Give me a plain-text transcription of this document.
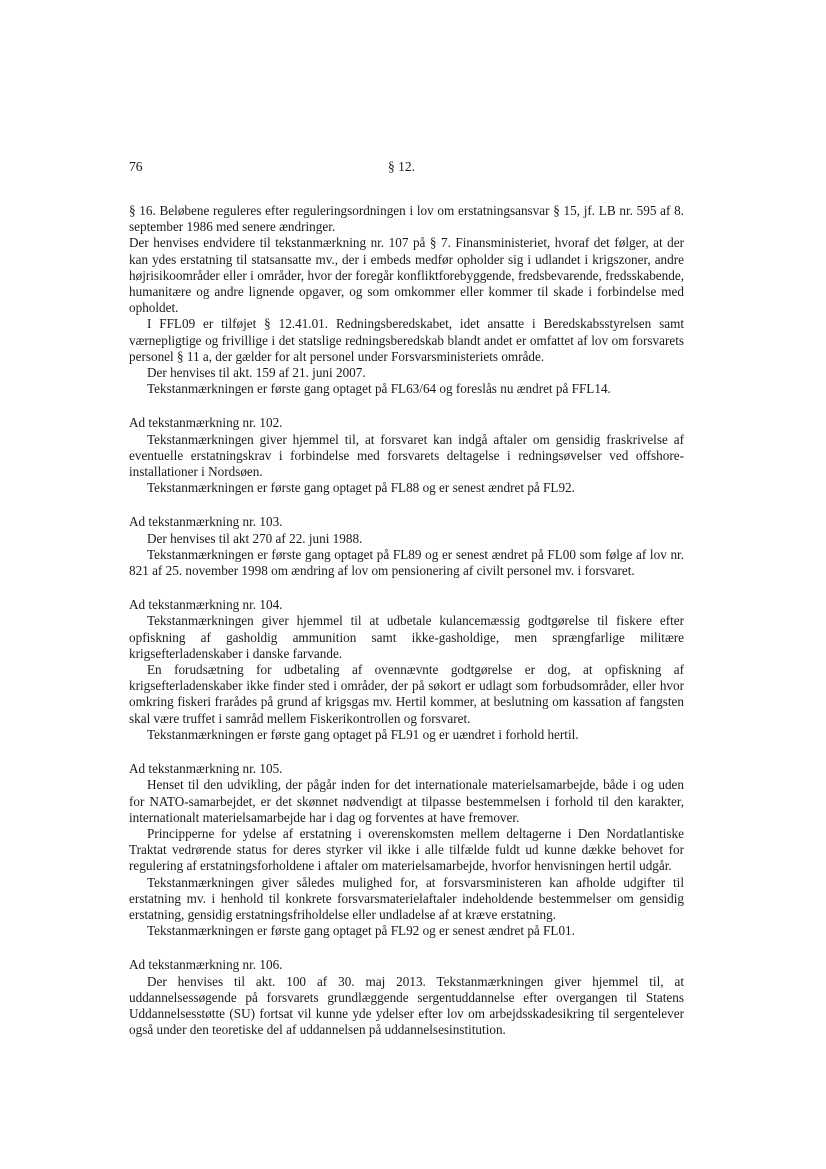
76	§ 12.

§ 16. Beløbene reguleres efter reguleringsordningen i lov om erstatningsansvar § 15, jf. LB nr. 595 af 8. september 1986 med senere ændringer.

Der henvises endvidere til tekstanmærkning nr. 107 på § 7. Finansministeriet, hvoraf det følger, at der kan ydes erstatning til statsansatte mv., der i embeds medfør opholder sig i udlandet i krigszoner, andre højrisikoområder eller i områder, hvor der foregår konfliktforebyggende, fredsbevarende, fredsskabende, humanitære og andre lignende opgaver, og som omkommer eller kommer til skade i forbindelse med opholdet.

I FFL09 er tilføjet § 12.41.01. Redningsberedskabet, idet ansatte i Beredskabsstyrelsen samt værnepligtige og frivillige i det statslige redningsberedskab blandt andet er omfattet af lov om forsvarets personel § 11 a, der gælder for alt personel under Forsvarsministeriets område.

Der henvises til akt. 159 af 21. juni 2007.

Tekstanmærkningen er første gang optaget på FL63/64 og foreslås nu ændret på FFL14.

Ad tekstanmærkning nr. 102.

Tekstanmærkningen giver hjemmel til, at forsvaret kan indgå aftaler om gensidig fraskrivelse af eventuelle erstatningskrav i forbindelse med forsvarets deltagelse i redningsøvelser ved offshore-installationer i Nordsøen.

Tekstanmærkningen er første gang optaget på FL88 og er senest ændret på FL92.

Ad tekstanmærkning nr. 103.

Der henvises til akt 270 af 22. juni 1988.

Tekstanmærkningen er første gang optaget på FL89 og er senest ændret på FL00 som følge af lov nr. 821 af 25. november 1998 om ændring af lov om pensionering af civilt personel mv. i forsvaret.

Ad tekstanmærkning nr. 104.

Tekstanmærkningen giver hjemmel til at udbetale kulancemæssig godtgørelse til fiskere efter opfiskning af gasholdig ammunition samt ikke-gasholdige, men sprængfarlige militære krigsefterladenskaber i danske farvande.

En forudsætning for udbetaling af ovennævnte godtgørelse er dog, at opfiskning af krigsefterladenskaber ikke finder sted i områder, der på søkort er udlagt som forbudsområder, eller hvor omkring fiskeri frarådes på grund af krigsgas mv. Hertil kommer, at beslutning om kassation af fangsten skal være truffet i samråd mellem Fiskerikontrollen og forsvaret.

Tekstanmærkningen er første gang optaget på FL91 og er uændret i forhold hertil.

Ad tekstanmærkning nr. 105.

Henset til den udvikling, der pågår inden for det internationale materielsamarbejde, både i og uden for NATO-samarbejdet, er det skønnet nødvendigt at tilpasse bestemmelsen i forhold til den karakter, internationalt materielsamarbejde har i dag og forventes at have fremover.

Principperne for ydelse af erstatning i overenskomsten mellem deltagerne i Den Nordatlantiske Traktat vedrørende status for deres styrker vil ikke i alle tilfælde fuldt ud kunne dække behovet for regulering af erstatningsforholdene i aftaler om materielsamarbejde, hvorfor henvisningen hertil udgår.

Tekstanmærkningen giver således mulighed for, at forsvarsministeren kan afholde udgifter til erstatning mv. i henhold til konkrete forsvarsmaterielaftaler indeholdende bestemmelser om gensidig erstatning, gensidig erstatningsfriholdelse eller undladelse af at kræve erstatning.

Tekstanmærkningen er første gang optaget på FL92 og er senest ændret på FL01.

Ad tekstanmærkning nr. 106.

Der henvises til akt. 100 af 30. maj 2013. Tekstanmærkningen giver hjemmel til, at uddannelsessøgende på forsvarets grundlæggende sergentuddannelse efter overgangen til Statens Uddannelsesstøtte (SU) fortsat vil kunne yde ydelser efter lov om arbejdsskadesikring til sergentelever også under den teoretiske del af uddannelsen på uddannelsesinstitution.
